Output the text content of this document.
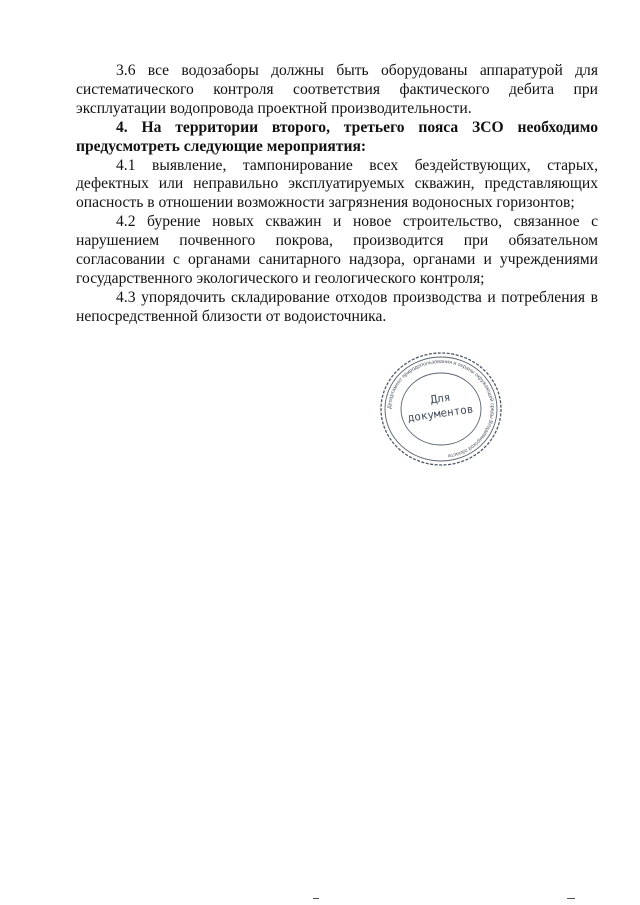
3.6 все водозаборы должны быть оборудованы аппаратурой для систематического контроля соответствия фактического дебита при эксплуатации водопровода проектной производительности.

4. На территории второго, третьего пояса ЗСО необходимо предусмотреть следующие мероприятия:

4.1 выявление, тампонирование всех бездействующих, старых, дефектных или неправильно эксплуатируемых скважин, представляющих опасность в отношении возможности загрязнения водоносных горизонтов;

4.2 бурение новых скважин и новое строительство, связанное с нарушением почвенного покрова, производится при обязательном согласовании с органами санитарного надзора, органами и учреждениями государственного экологического и геологического контроля;

4.3 упорядочить складирование отходов производства и потребления в непосредственной близости от водоисточника.

Департамент природопользования и охраны окружающей среды Владимирской области
Для
документов
